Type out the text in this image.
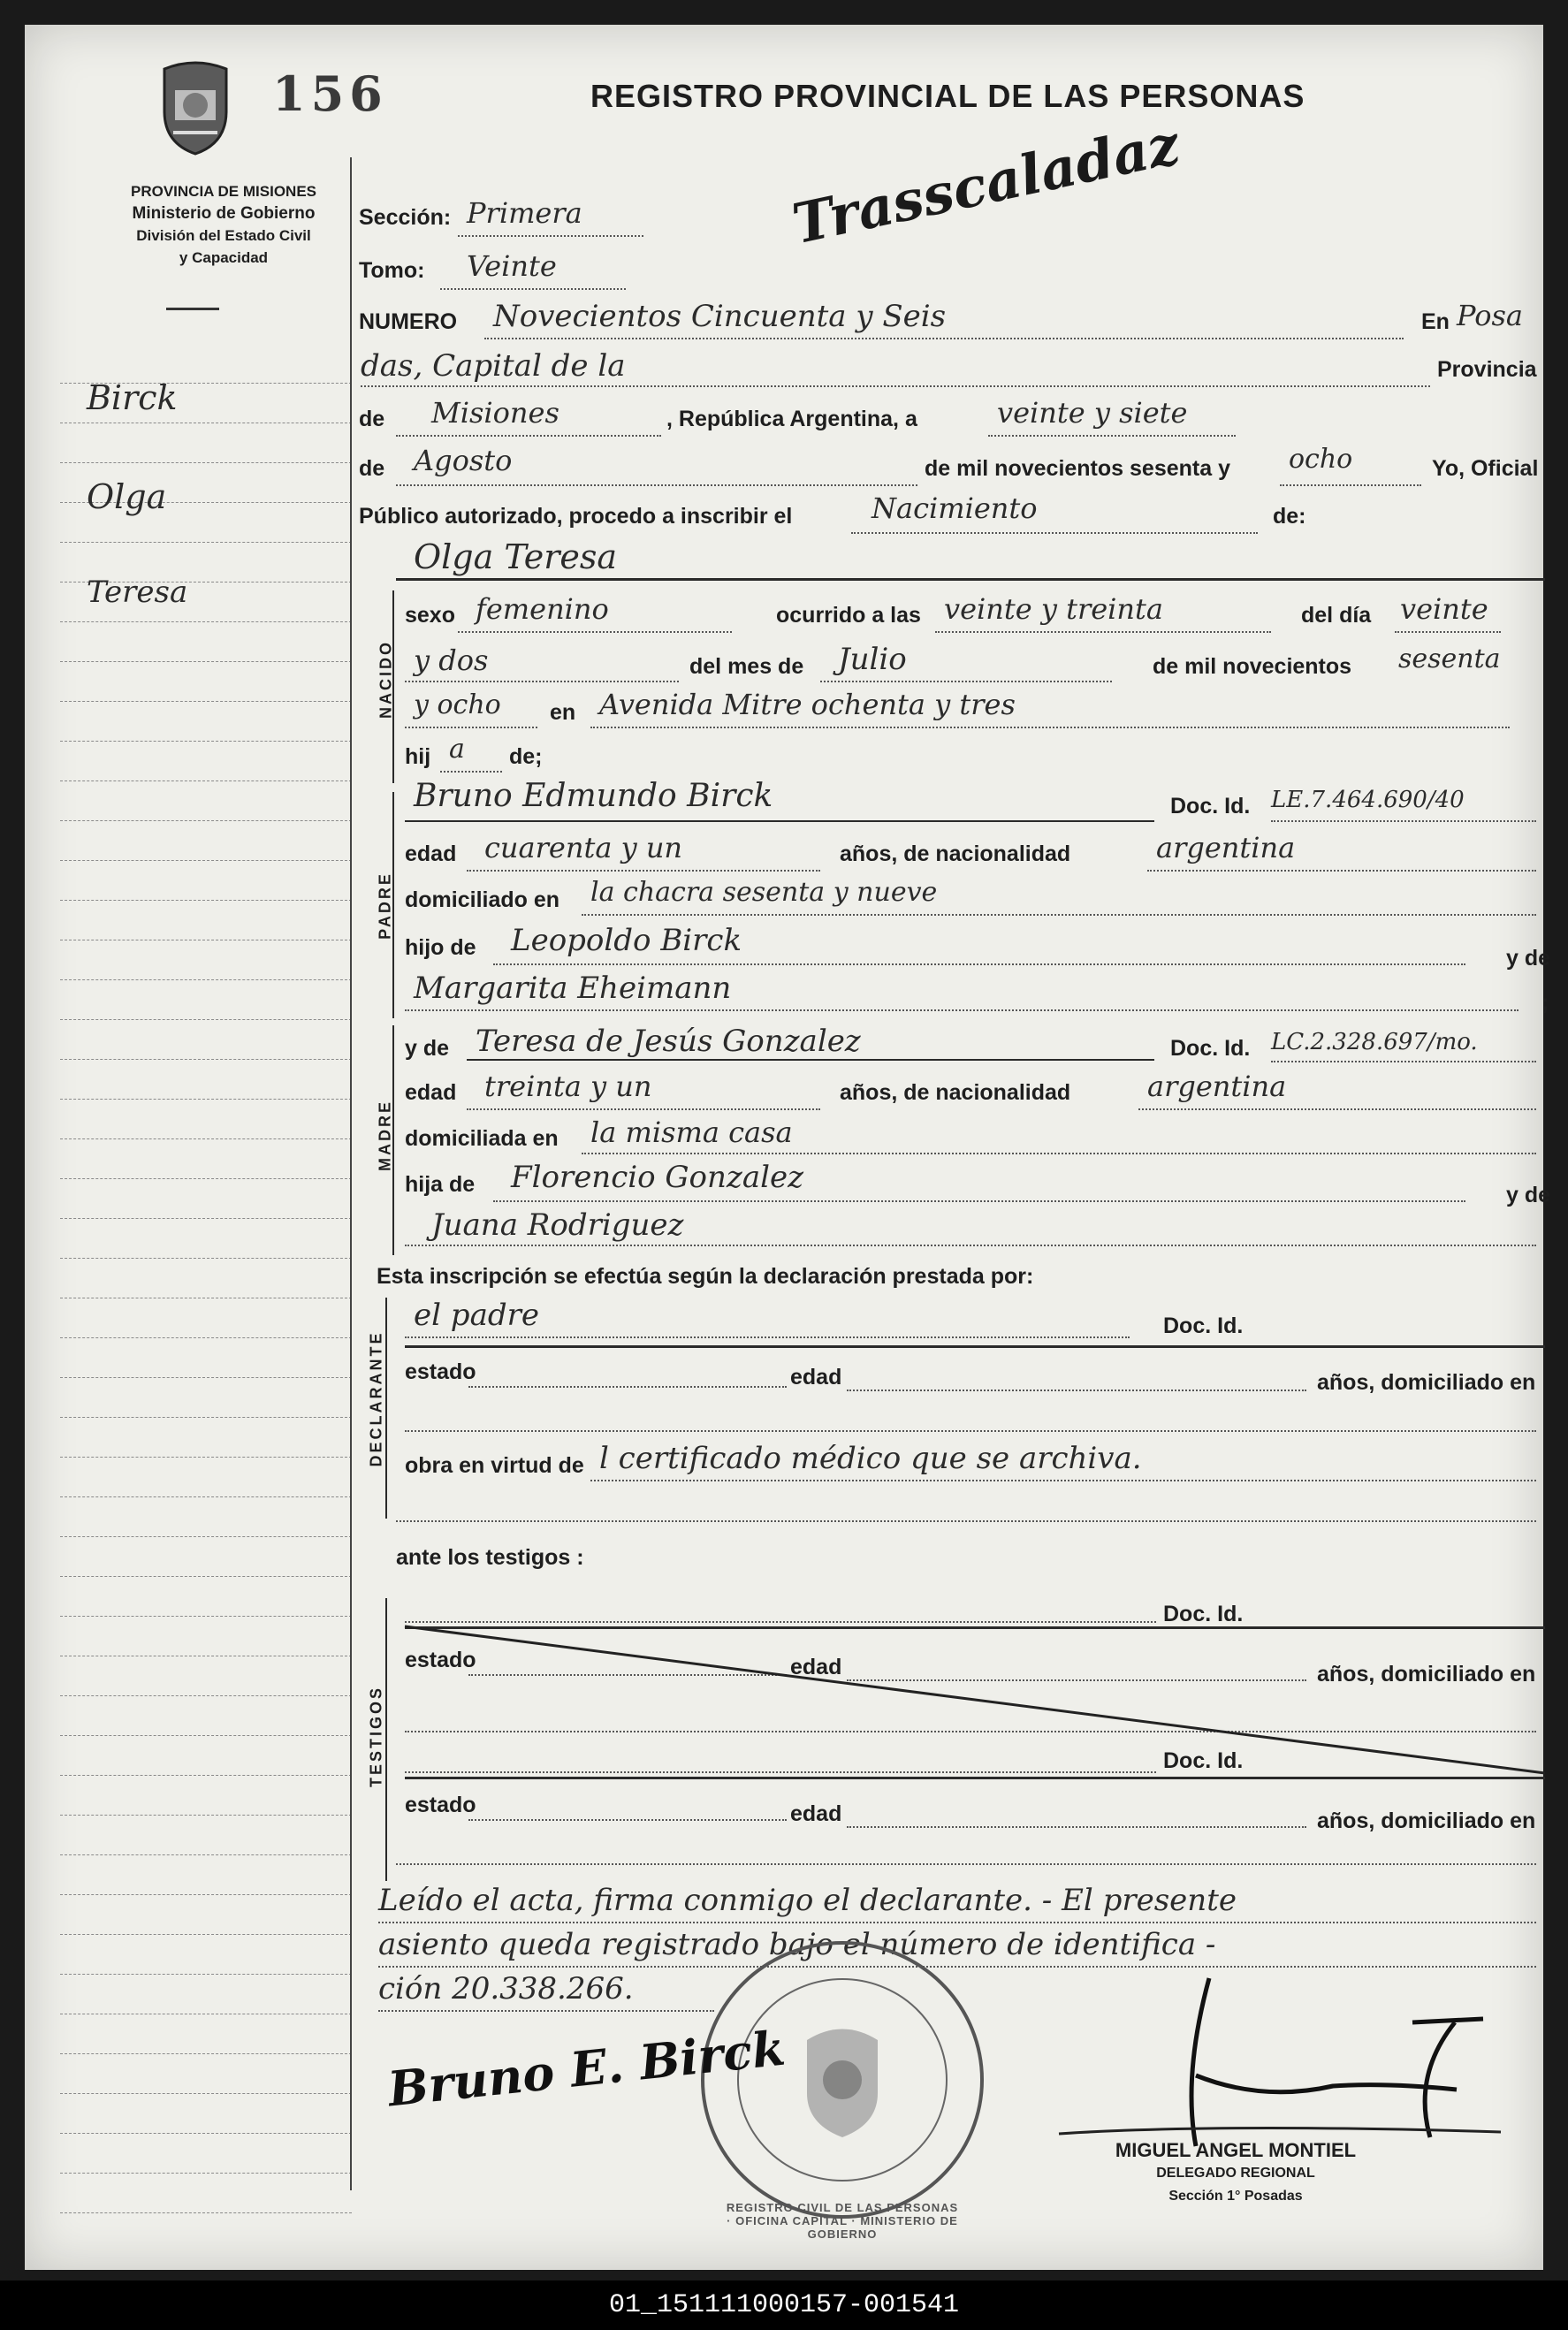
156	REGISTRO PROVINCIAL DE LAS PERSONAS
PROVINCIA DE MISIONES
Ministerio de Gobierno
División del Estado Civil
y Capacidad
Trasscaladaz
Birck
Olga
Teresa
Sección: Primera
Tomo: Veinte
NUMERO Novecientos Cincuenta y Seis	En Posa
das, Capital de la	Provincia
de Misiones	, República Argentina, a	veinte y siete
de Agosto	de mil novecientos sesenta y ocho	Yo, Oficial
Público autorizado, procedo a inscribir el	Nacimiento	de:
Olga Teresa
NACIDO
sexo femenino	ocurrido a las veinte y treinta	del día veinte
y dos	del mes de Julio	de mil novecientos sesenta
y ocho en Avenida Mitre ochenta y tres
hij a de;
PADRE
Bruno Edmundo Birck	Doc. Id. LE.7.464.690/40
edad cuarenta y un	años, de nacionalidad	argentina
domiciliado en la chacra sesenta y nueve
hijo de Leopoldo Birck	y de
Margarita Eheimann	;
MADRE
y de Teresa de Jesús Gonzalez	Doc. Id. LC.2.328.697/mo.
edad treinta y un	años, de nacionalidad	argentina
domiciliada en la misma casa
hija de Florencio Gonzalez	y de
Juana Rodriguez
Esta inscripción se efectúa según la declaración prestada por:
DECLARANTE
el padre	Doc. Id.
estado	edad	años, domiciliado en
obra en virtud de l certificado médico que se archiva.
ante los testigos :
TESTIGOS
Doc. Id.
estado	edad	años, domiciliado en
Doc. Id.
estado	edad	años, domiciliado en
Leído el acta, firma conmigo el declarante. - El presente
asiento queda registrado bajo el número de identifica -
ción 20.338.266.
REGISTRO CIVIL DE LAS PERSONAS · OFICINA CAPITAL · MINISTERIO DE GOBIERNO
Bruno E. Birck
MIGUEL ANGEL MONTIEL
DELEGADO REGIONAL
Sección 1° Posadas
01_151111000157-001541
